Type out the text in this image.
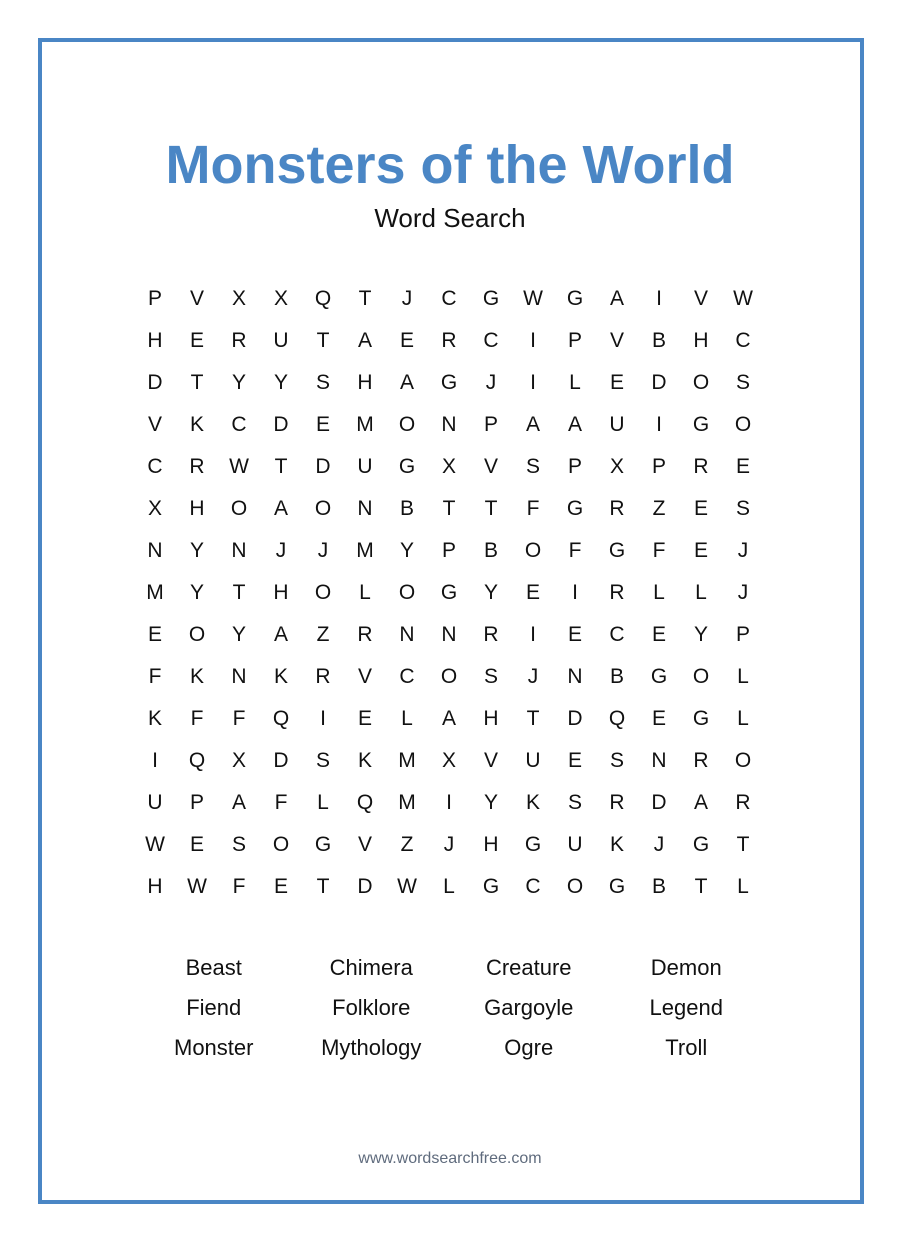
Monsters of the World
Word Search
P	V	X	X	Q	T	J	C	G	W	G	A	I	V	W
H	E	R	U	T	A	E	R	C	I	P	V	B	H	C
D	T	Y	Y	S	H	A	G	J	I	L	E	D	O	S
V	K	C	D	E	M	O	N	P	A	A	U	I	G	O
C	R	W	T	D	U	G	X	V	S	P	X	P	R	E
X	H	O	A	O	N	B	T	T	F	G	R	Z	E	S
N	Y	N	J	J	M	Y	P	B	O	F	G	F	E	J
M	Y	T	H	O	L	O	G	Y	E	I	R	L	L	J
E	O	Y	A	Z	R	N	N	R	I	E	C	E	Y	P
F	K	N	K	R	V	C	O	S	J	N	B	G	O	L
K	F	F	Q	I	E	L	A	H	T	D	Q	E	G	L
I	Q	X	D	S	K	M	X	V	U	E	S	N	R	O
U	P	A	F	L	Q	M	I	Y	K	S	R	D	A	R
W	E	S	O	G	V	Z	J	H	G	U	K	J	G	T
H	W	F	E	T	D	W	L	G	C	O	G	B	T	L
Beast	Chimera	Creature	Demon
Fiend	Folklore	Gargoyle	Legend
Monster	Mythology	Ogre	Troll
www.wordsearchfree.com
